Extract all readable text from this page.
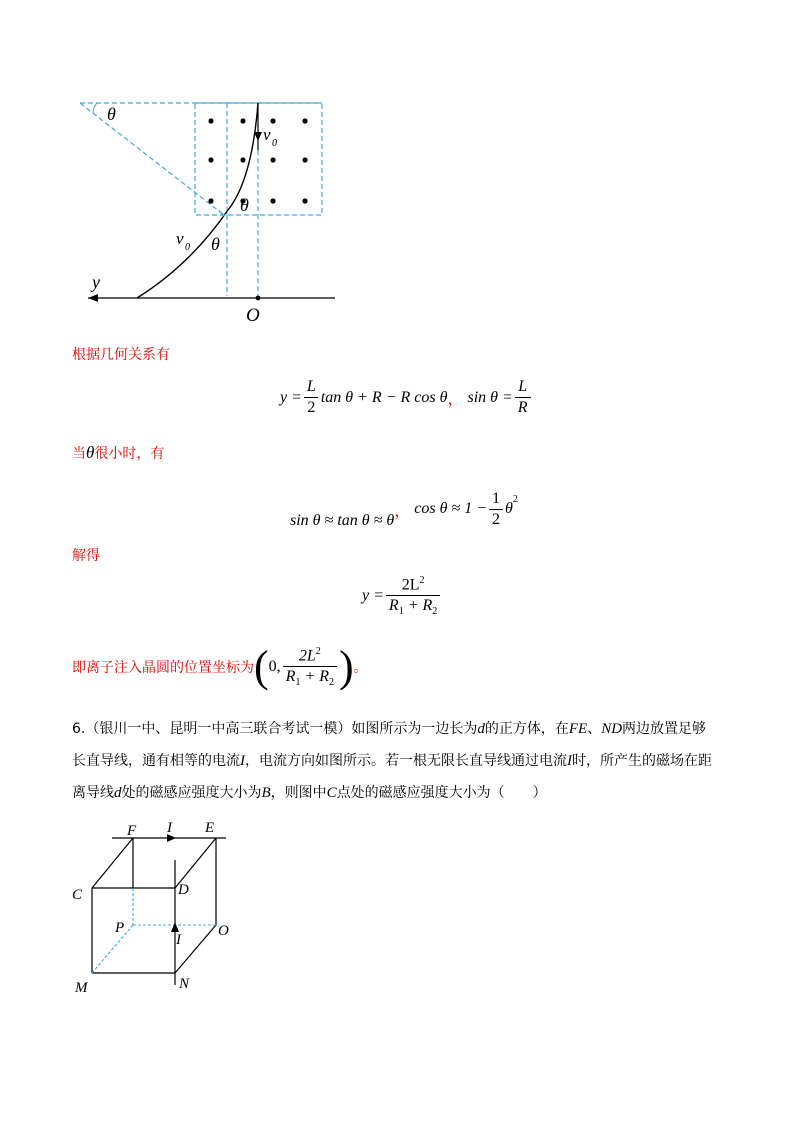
θ
v 0
θ
v 0 θ
y
O
根据几何关系有
$y = \frac{L}{2}$ tan θ + R − R cos θ ， $\sin \theta = \frac{L}{R}$
当θ很小时，有
sin θ ≈ tan θ ≈ θ
， $\cos \theta \approx 1 - \frac{1}{2}$ θ
$^2$
解得
$y = \frac{2L^2}{R_1 + R_2}$
即离子注入晶圆的位置坐标为 ( 0, $\frac{2L^2}{R_1 + R_2}$ ) 。
6.（银川一中、昆明一中高三联合考试一模）如图所示为一边长为d的正方体，在FE、ND两边放置足够
长直导线，通有相等的电流I，电流方向如图所示。若一根无限长直导线通过电流I时，所产生的磁场在距
离导线d处的磁感应强度大小为B，则图中C点处的磁感应强度大小为（　　）
F I E
C	D
P
I
O
M	N
